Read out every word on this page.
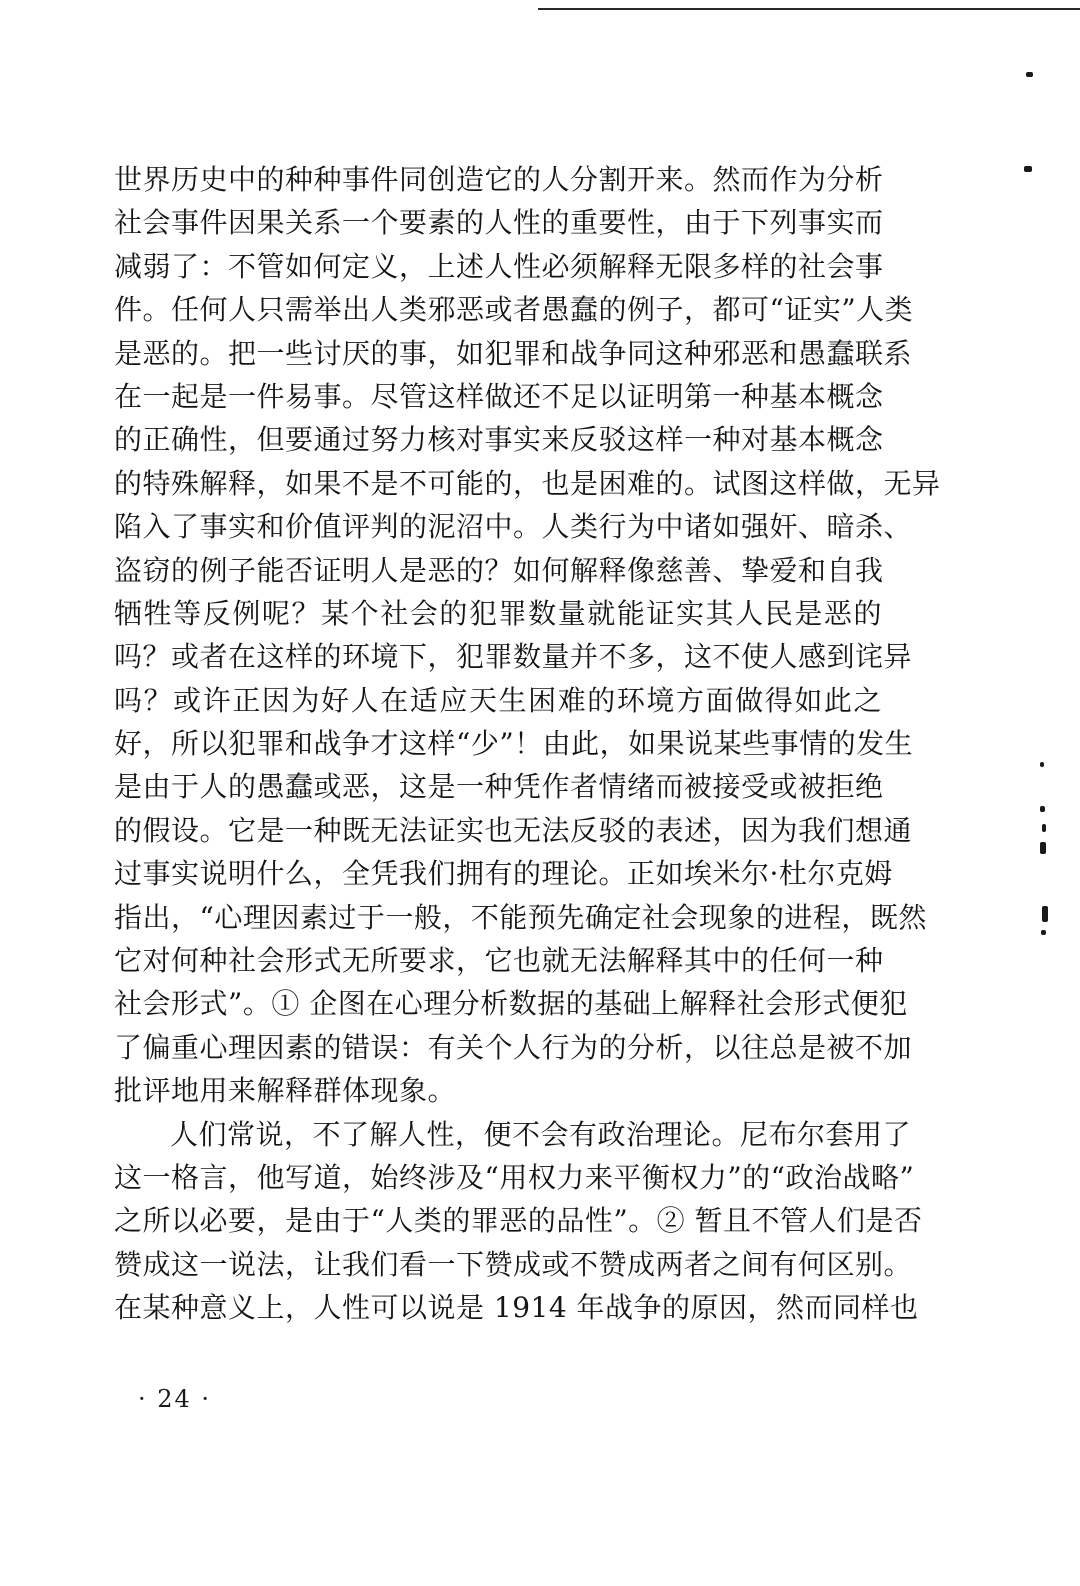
世界历史中的种种事件同创造它的人分割开来。然而作为分析
社会事件因果关系一个要素的人性的重要性，由于下列事实而
减弱了：不管如何定义，上述人性必须解释无限多样的社会事
件。任何人只需举出人类邪恶或者愚蠢的例子，都可“证实”人类
是恶的。把一些讨厌的事，如犯罪和战争同这种邪恶和愚蠢联系
在一起是一件易事。尽管这样做还不足以证明第一种基本概念
的正确性，但要通过努力核对事实来反驳这样一种对基本概念
的特殊解释，如果不是不可能的，也是困难的。试图这样做，无异
陷入了事实和价值评判的泥沼中。人类行为中诸如强奸、暗杀、
盗窃的例子能否证明人是恶的？如何解释像慈善、挚爱和自我
牺牲等反例呢？某个社会的犯罪数量就能证实其人民是恶的
吗？或者在这样的环境下，犯罪数量并不多，这不使人感到诧异
吗？或许正因为好人在适应天生困难的环境方面做得如此之
好，所以犯罪和战争才这样“少”！由此，如果说某些事情的发生
是由于人的愚蠢或恶，这是一种凭作者情绪而被接受或被拒绝
的假设。它是一种既无法证实也无法反驳的表述，因为我们想通
过事实说明什么，全凭我们拥有的理论。正如埃米尔·杜尔克姆
指出，“心理因素过于一般，不能预先确定社会现象的进程，既然
它对何种社会形式无所要求，它也就无法解释其中的任何一种
社会形式”。① 企图在心理分析数据的基础上解释社会形式便犯
了偏重心理因素的错误：有关个人行为的分析，以往总是被不加
批评地用来解释群体现象。
人们常说，不了解人性，便不会有政治理论。尼布尔套用了
这一格言，他写道，始终涉及“用权力来平衡权力”的“政治战略”
之所以必要，是由于“人类的罪恶的品性”。② 暂且不管人们是否
赞成这一说法，让我们看一下赞成或不赞成两者之间有何区别。
在某种意义上，人性可以说是 1914 年战争的原因，然而同样也
· 24 ·
